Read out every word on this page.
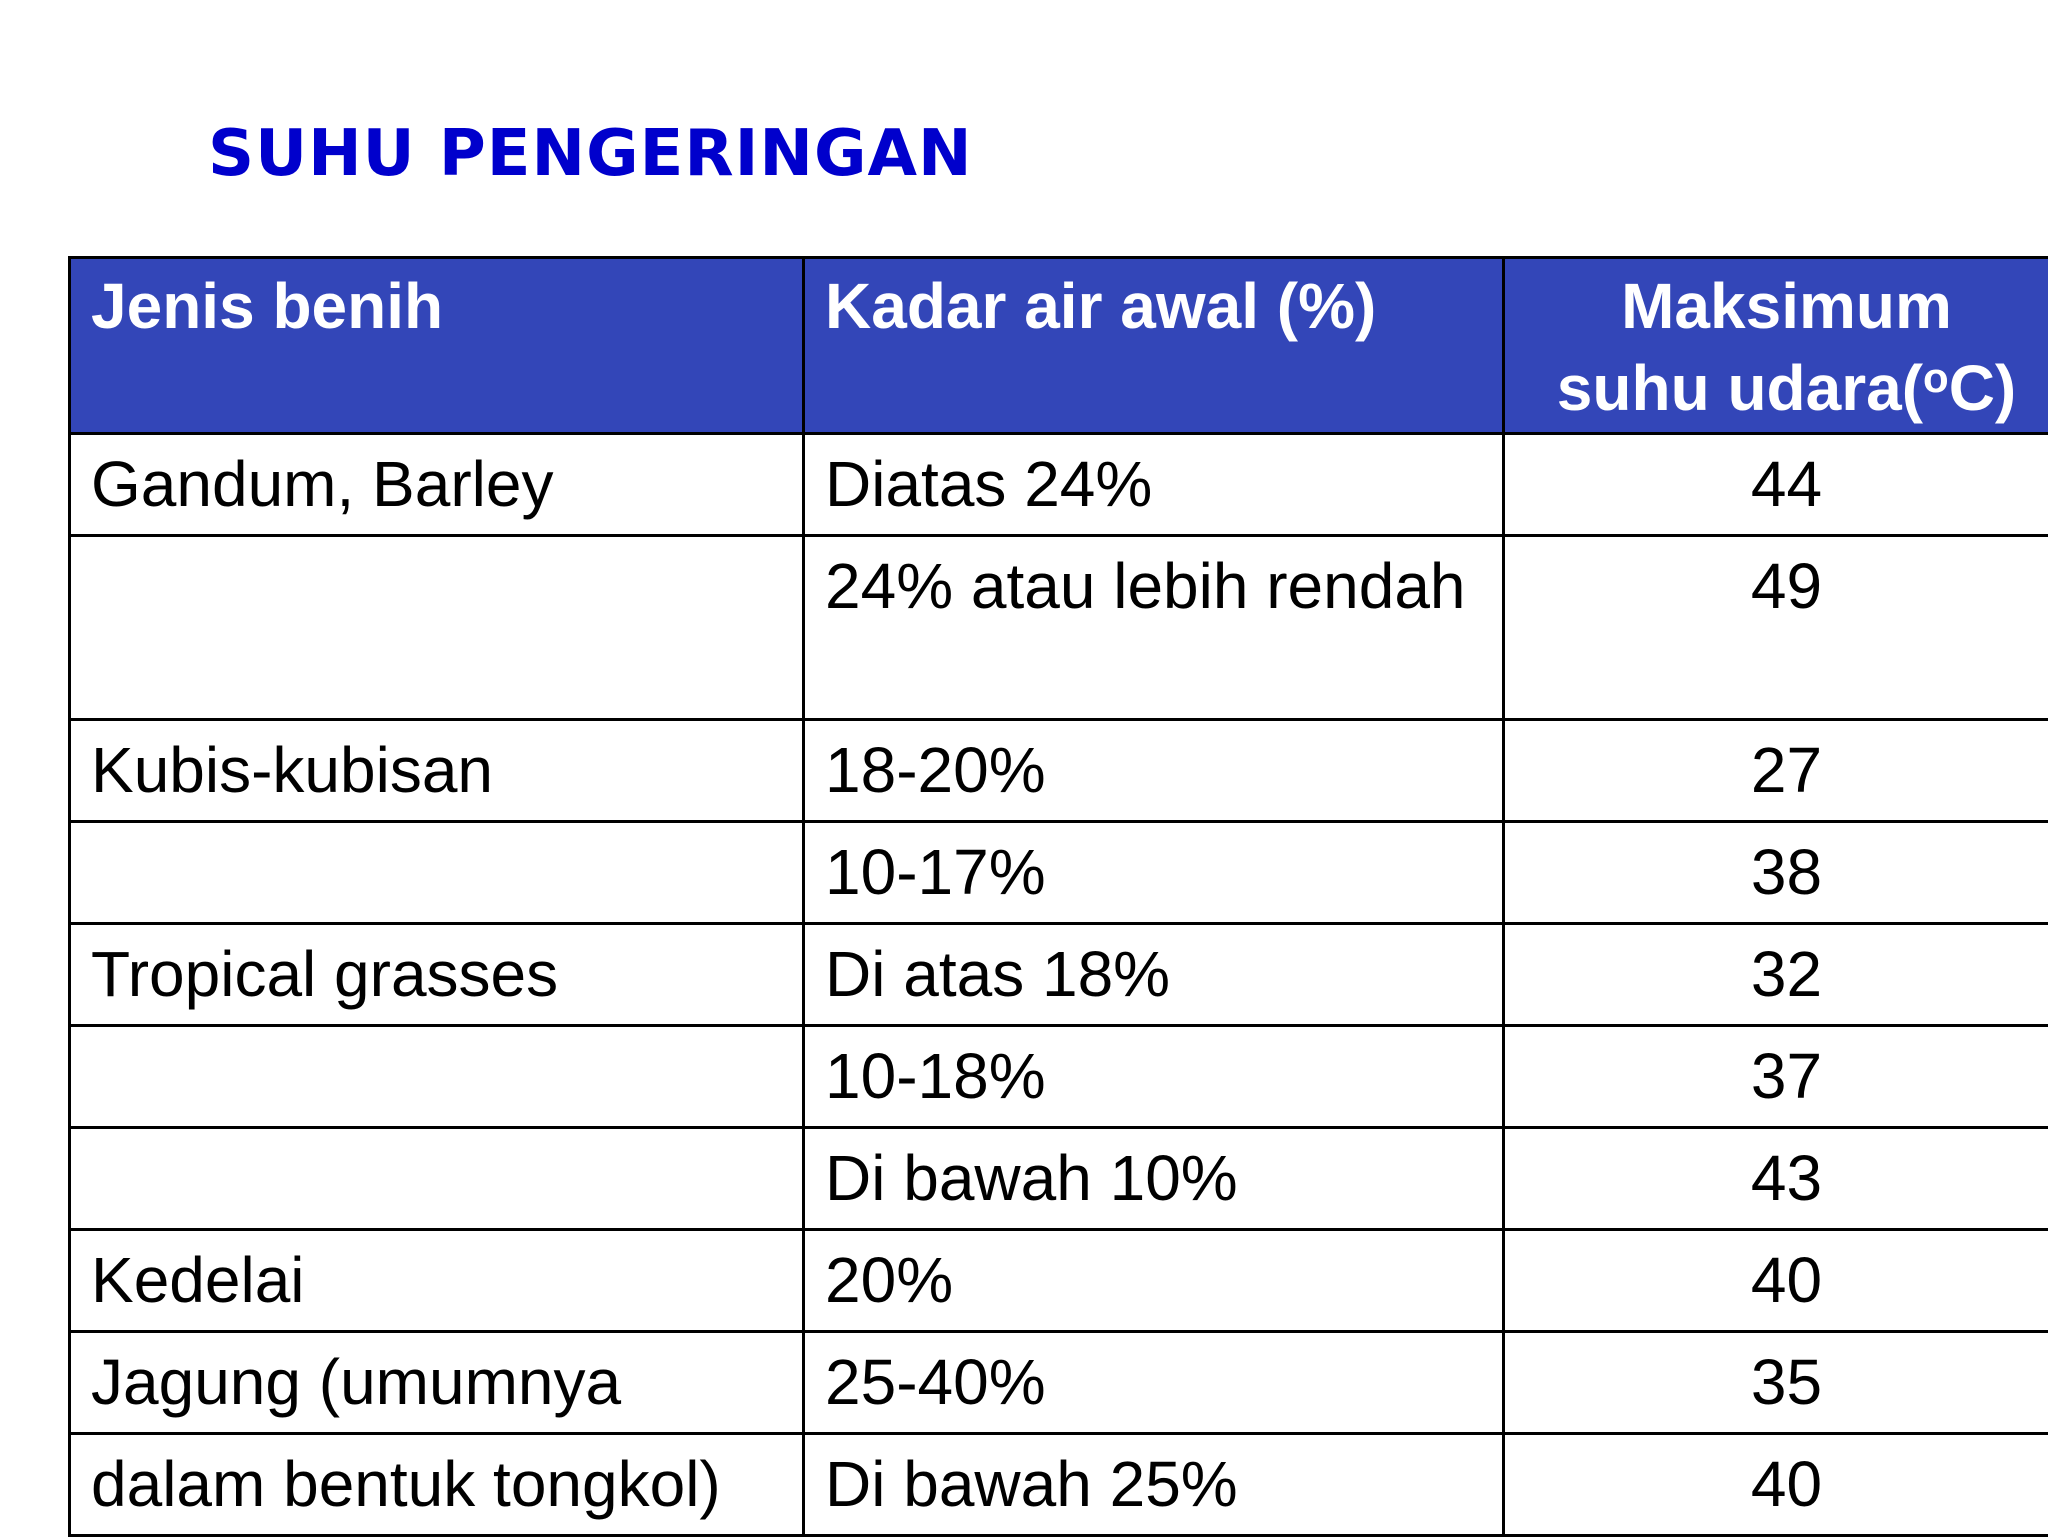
SUHU PENGERINGAN
Jenis benih	Kadar air awal (%)	Maksimum
suhu udara($^o$C)
Gandum, Barley	Diatas 24%	44
	24% atau lebih rendah	49
Kubis-kubisan	18-20%	27
	10-17%	38
Tropical grasses	Di atas 18%	32
	10-18%	37
	Di bawah 10%	43
Kedelai	20%	40
Jagung (umumnya	25-40%	35
dalam bentuk tongkol)	Di bawah 25%	40
